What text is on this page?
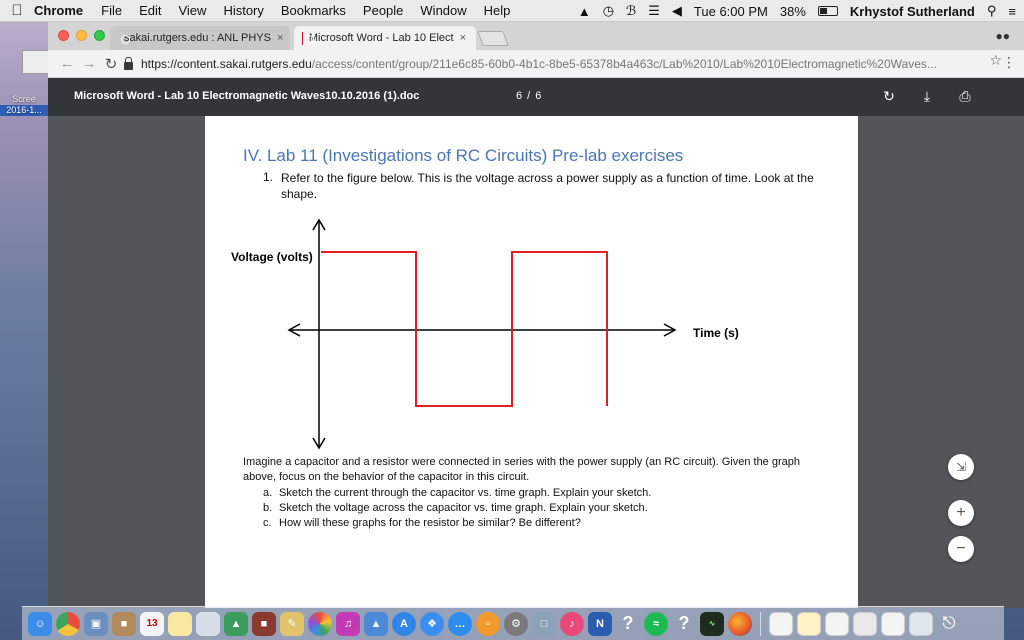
Scree
2016-1...
Chrome File Edit View History Bookmarks People Window Help	▲ ◷ ℬ ☰ ◀ Tue 6:00 PM 38%	Krhystof Sutherland ⚲ ≡
sakai.rutgers.edu : ANL PHYS × Microsoft Word - Lab 10 Elect ×	●●
← → ↻	https://content.sakai.rutgers.edu/access/content/group/211e6c85-60b0-4b1c-8be5-65378b4a463c/Lab%2010/Lab%2010Electromagnetic%20Waves...	☆ ⋮
Microsoft Word - Lab 10 Electromagnetic Waves10.10.2016 (1).doc	6 / 6	↻	⤓	⎙
IV. Lab 11 (Investigations of RC Circuits) Pre-lab exercises
1. Refer to the figure below. This is the voltage across a power supply as a function of time. Look at the shape.
Voltage (volts)
Time (s)
Imagine a capacitor and a resistor were connected in series with the power supply (an RC circuit). Given the graph above, focus on the behavior of the capacitor in this circuit.
a. Sketch the current through the capacitor vs. time graph. Explain your sketch.
b. Sketch the voltage across the capacitor vs. time graph. Explain your sketch.
c. How will these graphs for the resistor be similar? Be different?
⇲
+
−
☺	▣	■	13	▲	■	✎	♫	▲	A	❖	…	▫	⚙	□	♪	N	?	≈	?	∿	⎋
